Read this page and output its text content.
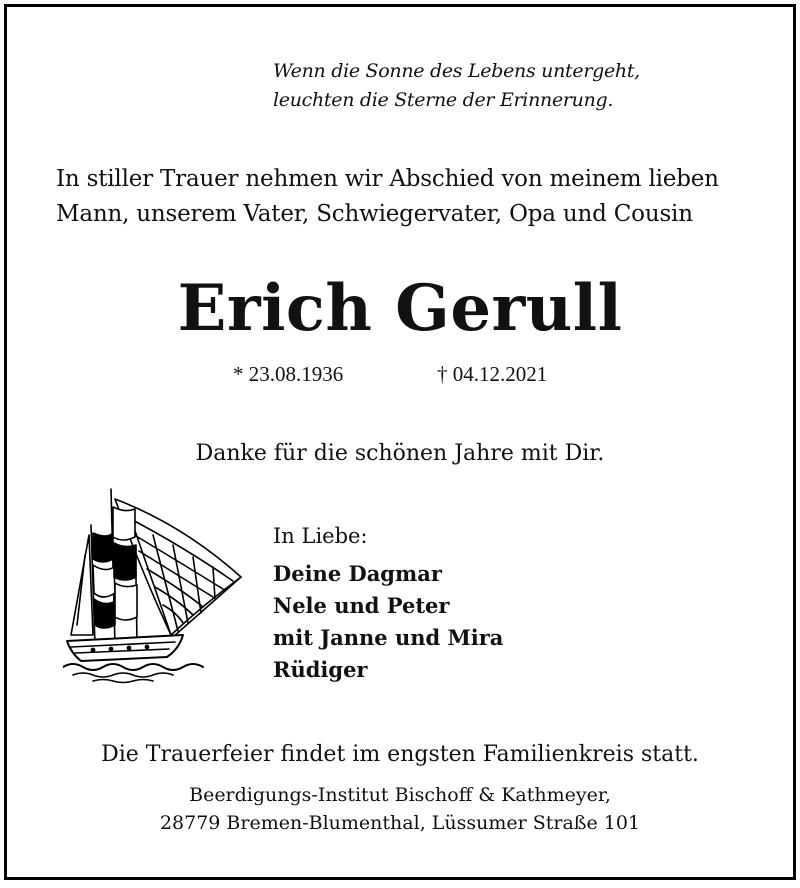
Wenn die Sonne des Lebens untergeht,
leuchten die Sterne der Erinnerung.
In stiller Trauer nehmen wir Abschied von meinem lieben
Mann, unserem Vater, Schwiegervater, Opa und Cousin
Erich Gerull
* 23.08.1936	† 04.12.2021
Danke für die schönen Jahre mit Dir.
In Liebe:
Deine Dagmar
Nele und Peter
mit Janne und Mira
Rüdiger
Die Trauerfeier findet im engsten Familienkreis statt.
Beerdigungs-Institut Bischoff & Kathmeyer,
28779 Bremen-Blumenthal, Lüssumer Straße 101
